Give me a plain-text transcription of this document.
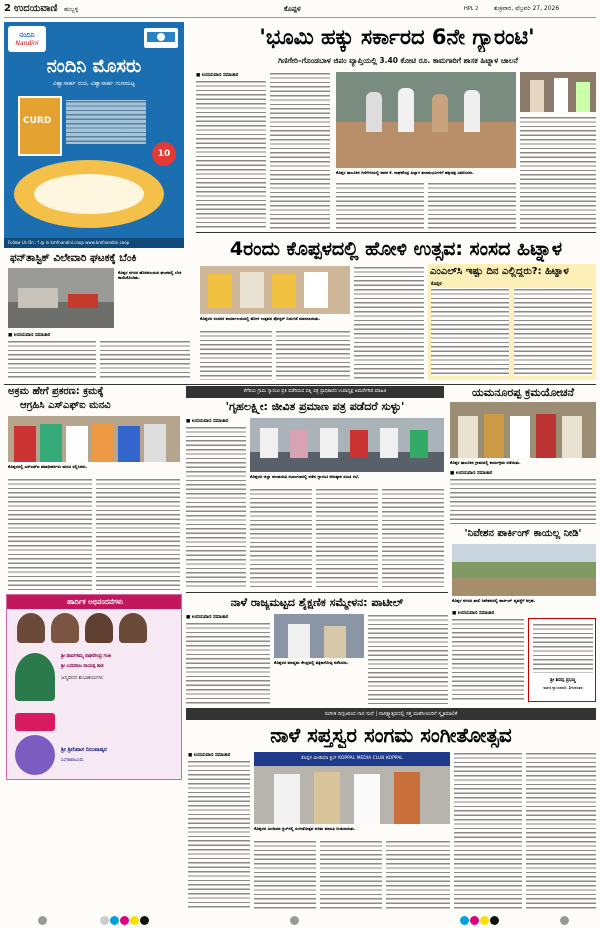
2 ಉದಯವಾಣಿ ಹುಬ್ಬಳ್ಳಿ	ಕೊಪ್ಪಳ	HPL 2	ಶುಕ್ರವಾರ, ಫೆಬ್ರವರಿ 27, 2026
ನಂದಿನಿ
Nandini
ನಂದಿನಿ ಮೊಸರು
ವಿಶ್ವಾಸಾರ್ಹ ರುಚಿ, ವಿಶ್ವಾಸಾರ್ಹ ಗುಣಮಟ್ಟ
CURD
10
Follow Us On : f @ in kmfnandini.coop www.kmfnandini.coop
'ಭೂಮಿ ಹಕ್ಕು ಸರ್ಕಾರದ 6ನೇ ಗ್ಯಾರಂಟಿ'
ಗಿಣಿಗೇರಿ–ಗೊಂಡಬಾಳ ಜಿಪಂ ವ್ಯಾಪ್ತಿಯಲ್ಲಿ 3.40 ಕೋಟಿ ರೂ. ಕಾಮಗಾರಿಗೆ ಶಾಸಕ ಹಿಟ್ನಾಳ ಚಾಲನೆ
■ ಉದಯವಾಣಿ ಸಮಾಚಾರ
ಕೊಪ್ಪಳ ತಾಲೂಕಿನ ಗಿಣಿಗೇರಿಯಲ್ಲಿ ಶಾಸಕ ಕೆ. ರಾಘವೇಂದ್ರ ಹಿಟ್ನಾಳ ಫಲಾನುಭವಿಗಳಿಗೆ ಹಕ್ಕುಪತ್ರ ವಿತರಿಸಿದರು.
4ರಂದು ಕೊಪ್ಪಳದಲ್ಲಿ ಹೋಳಿ ಉತ್ಸವ: ಸಂಸದ ಹಿಟ್ನಾಳ
ಫನ್‌ತಾಸ್ಟಿಕ್ ವಿಲೇವಾರಿ ಘಟಕಕ್ಕೆ ಬೆಂಕಿ
ಕೊಪ್ಪಳ ನಗರದ ಹೊರವಲಯದ ಘಟಕದಲ್ಲಿ ಬೆಂಕಿ ಕಾಣಿಸಿಕೊಂಡಿತು.
■ ಉದಯವಾಣಿ ಸಮಾಚಾರ
ಕೊಪ್ಪಳದ ಸಂಸದರ ಕಾರ್ಯಾಲಯದಲ್ಲಿ ಹೋಳಿ ಉತ್ಸವದ ಪೋಸ್ಟರ್ ಬಿಡುಗಡೆ ಮಾಡಲಾಯಿತು.
ಎಂಎಲ್‌ಸಿ ಇಷ್ಟು ದಿನ ಎಲ್ಲಿದ್ದರು?: ಹಿಟ್ನಾಳ
ಕೊಪ್ಪಳ
ಅಕ್ರಮ ಹೇಗೆ ಪ್ರಕರಣ: ಕ್ರಮಕ್ಕೆ
ಆಗ್ರಹಿಸಿ ಎಸ್‌ಎಫ್‌ಐ ಮನವಿ
ಕೊಪ್ಪಳದಲ್ಲಿ ಎಸ್‌ಎಫ್‌ಐ ಪದಾಧಿಕಾರಿಗಳು ಮನವಿ ಸಲ್ಲಿಸಿದರು.
ಕೆಗೆರಿಯ ಗ್ರಾಮ ಗ್ಯಾರಂಟಿ ಪ್ರತಿ ಪಡೆದಿರುವ ಪತ್ನಿ ಪತ್ರ ಪ್ರಾಧಿಕಾರದ ಉಪಾಧ್ಯಕ್ಷ ಅಮರೇಗೌಡ ಮಾಹಿತಿ
'ಗೃಹಲಕ್ಷ್ಮೀ: ಜೀವಿತ ಪ್ರಮಾಣ ಪತ್ರ ಪಡೆದರೆ ಸುಳ್ಳು'
■ ಉದಯವಾಣಿ ಸಮಾಚಾರ
ಕೊಪ್ಪಳದ ಜಿಲ್ಲಾ ಪಂಚಾಯಿತಿ ಸಭಾಂಗಣದಲ್ಲಿ ನಡೆದ ಗ್ಯಾರಂಟಿ ಅನುಷ್ಠಾನ ಸಮಿತಿ ಸಭೆ.
ಯಮನೂರಪ್ಪ ಕ್ರಮಯೋಚನೆ
ಕೊಪ್ಪಳ ತಾಲೂಕಿನ ಗ್ರಾಮದಲ್ಲಿ ಕಾರ್ಯಕ್ರಮ ನಡೆಯಿತು.
■ ಉದಯವಾಣಿ ಸಮಾಚಾರ
'ನಿವೇಶನ ಪಾರ್ಕಿಂಗ್ ಕಾಯಲ್ಲ ನೀಡಿ'
ಕೊಪ್ಪಳ ನಗರದ ಖಾಲಿ ನಿವೇಶನದಲ್ಲಿ ಪಾರ್ಕಿಂಗ್ ವ್ಯವಸ್ಥೆಗೆ ಆಗ್ರಹ.
■ ಉದಯವಾಣಿ ಸಮಾಚಾರ
ಶ್ರೀ ಶಿವಪ್ಪ ಪ್ರಭಣ್ಣ
ಮಾಜಿ ನ್ಯಾಯವಾದಿ, ಶೀಲವಂತರ
ನಾಳೆ ರಾಜ್ಯಮಟ್ಟದ ಶೈಕ್ಷಣಿಕ ಸಮ್ಮೇಳನ: ಪಾಟೀಲ್
■ ಉದಯವಾಣಿ ಸಮಾಚಾರ
ಕೊಪ್ಪಳದ ಮಾಧ್ಯಮ ಕೇಂದ್ರದಲ್ಲಿ ಪತ್ರಿಕಾಗೋಷ್ಠಿ ನಡೆಸಿದರು.
ಹಾರ್ದಿಕ ಅಭಿನಂದನೆಗಳು
ಶ್ರೀ ಪಾರ್ವತಮ್ಮ ರಾಘವೇಂದ್ರ ಗಂಜಿ
ಶ್ರೀ ಬಸವರಾಜ ರಾಯಪ್ಪ ಕಾಡ
ಜನ್ಮದಿನದ ಶುಭಾಶಯಗಳು
ಶ್ರೀ ಶ್ರೀನಿವಾಸ ನಿಲುವಾಡ್ಕರ
ಸಿಂಗಾಟಾಲೂರು
ಸಂಗೀತ ದಿಗ್ಗಜರಿಂದ ಗಾನ ಸುಧೆ | ದಾಸಕ್ಷ್ಯಾತ್ಸವದಲ್ಲಿ ಸತ್ತ ಮಹನೀಯರಿಗೆ ಸ್ಮೃತಿಮಾಲಿಕೆ
ನಾಳೆ ಸಪ್ತಸ್ವರ ಸಂಗಮ ಸಂಗೀತೋತ್ಸವ
■ ಉದಯವಾಣಿ ಸಮಾಚಾರ
ಕೊಪ್ಪಳ ಮೀಡಿಯಾ ಕ್ಲಬ್ KOPPAL MEDIA CLUB KOPPAL
ಕೊಪ್ಪಳದ ಮೀಡಿಯಾ ಕ್ಲಬ್‌ನಲ್ಲಿ ಸಂಗೀತೋತ್ಸವ ಕುರಿತು ಮಾಹಿತಿ ನೀಡಲಾಯಿತು.
